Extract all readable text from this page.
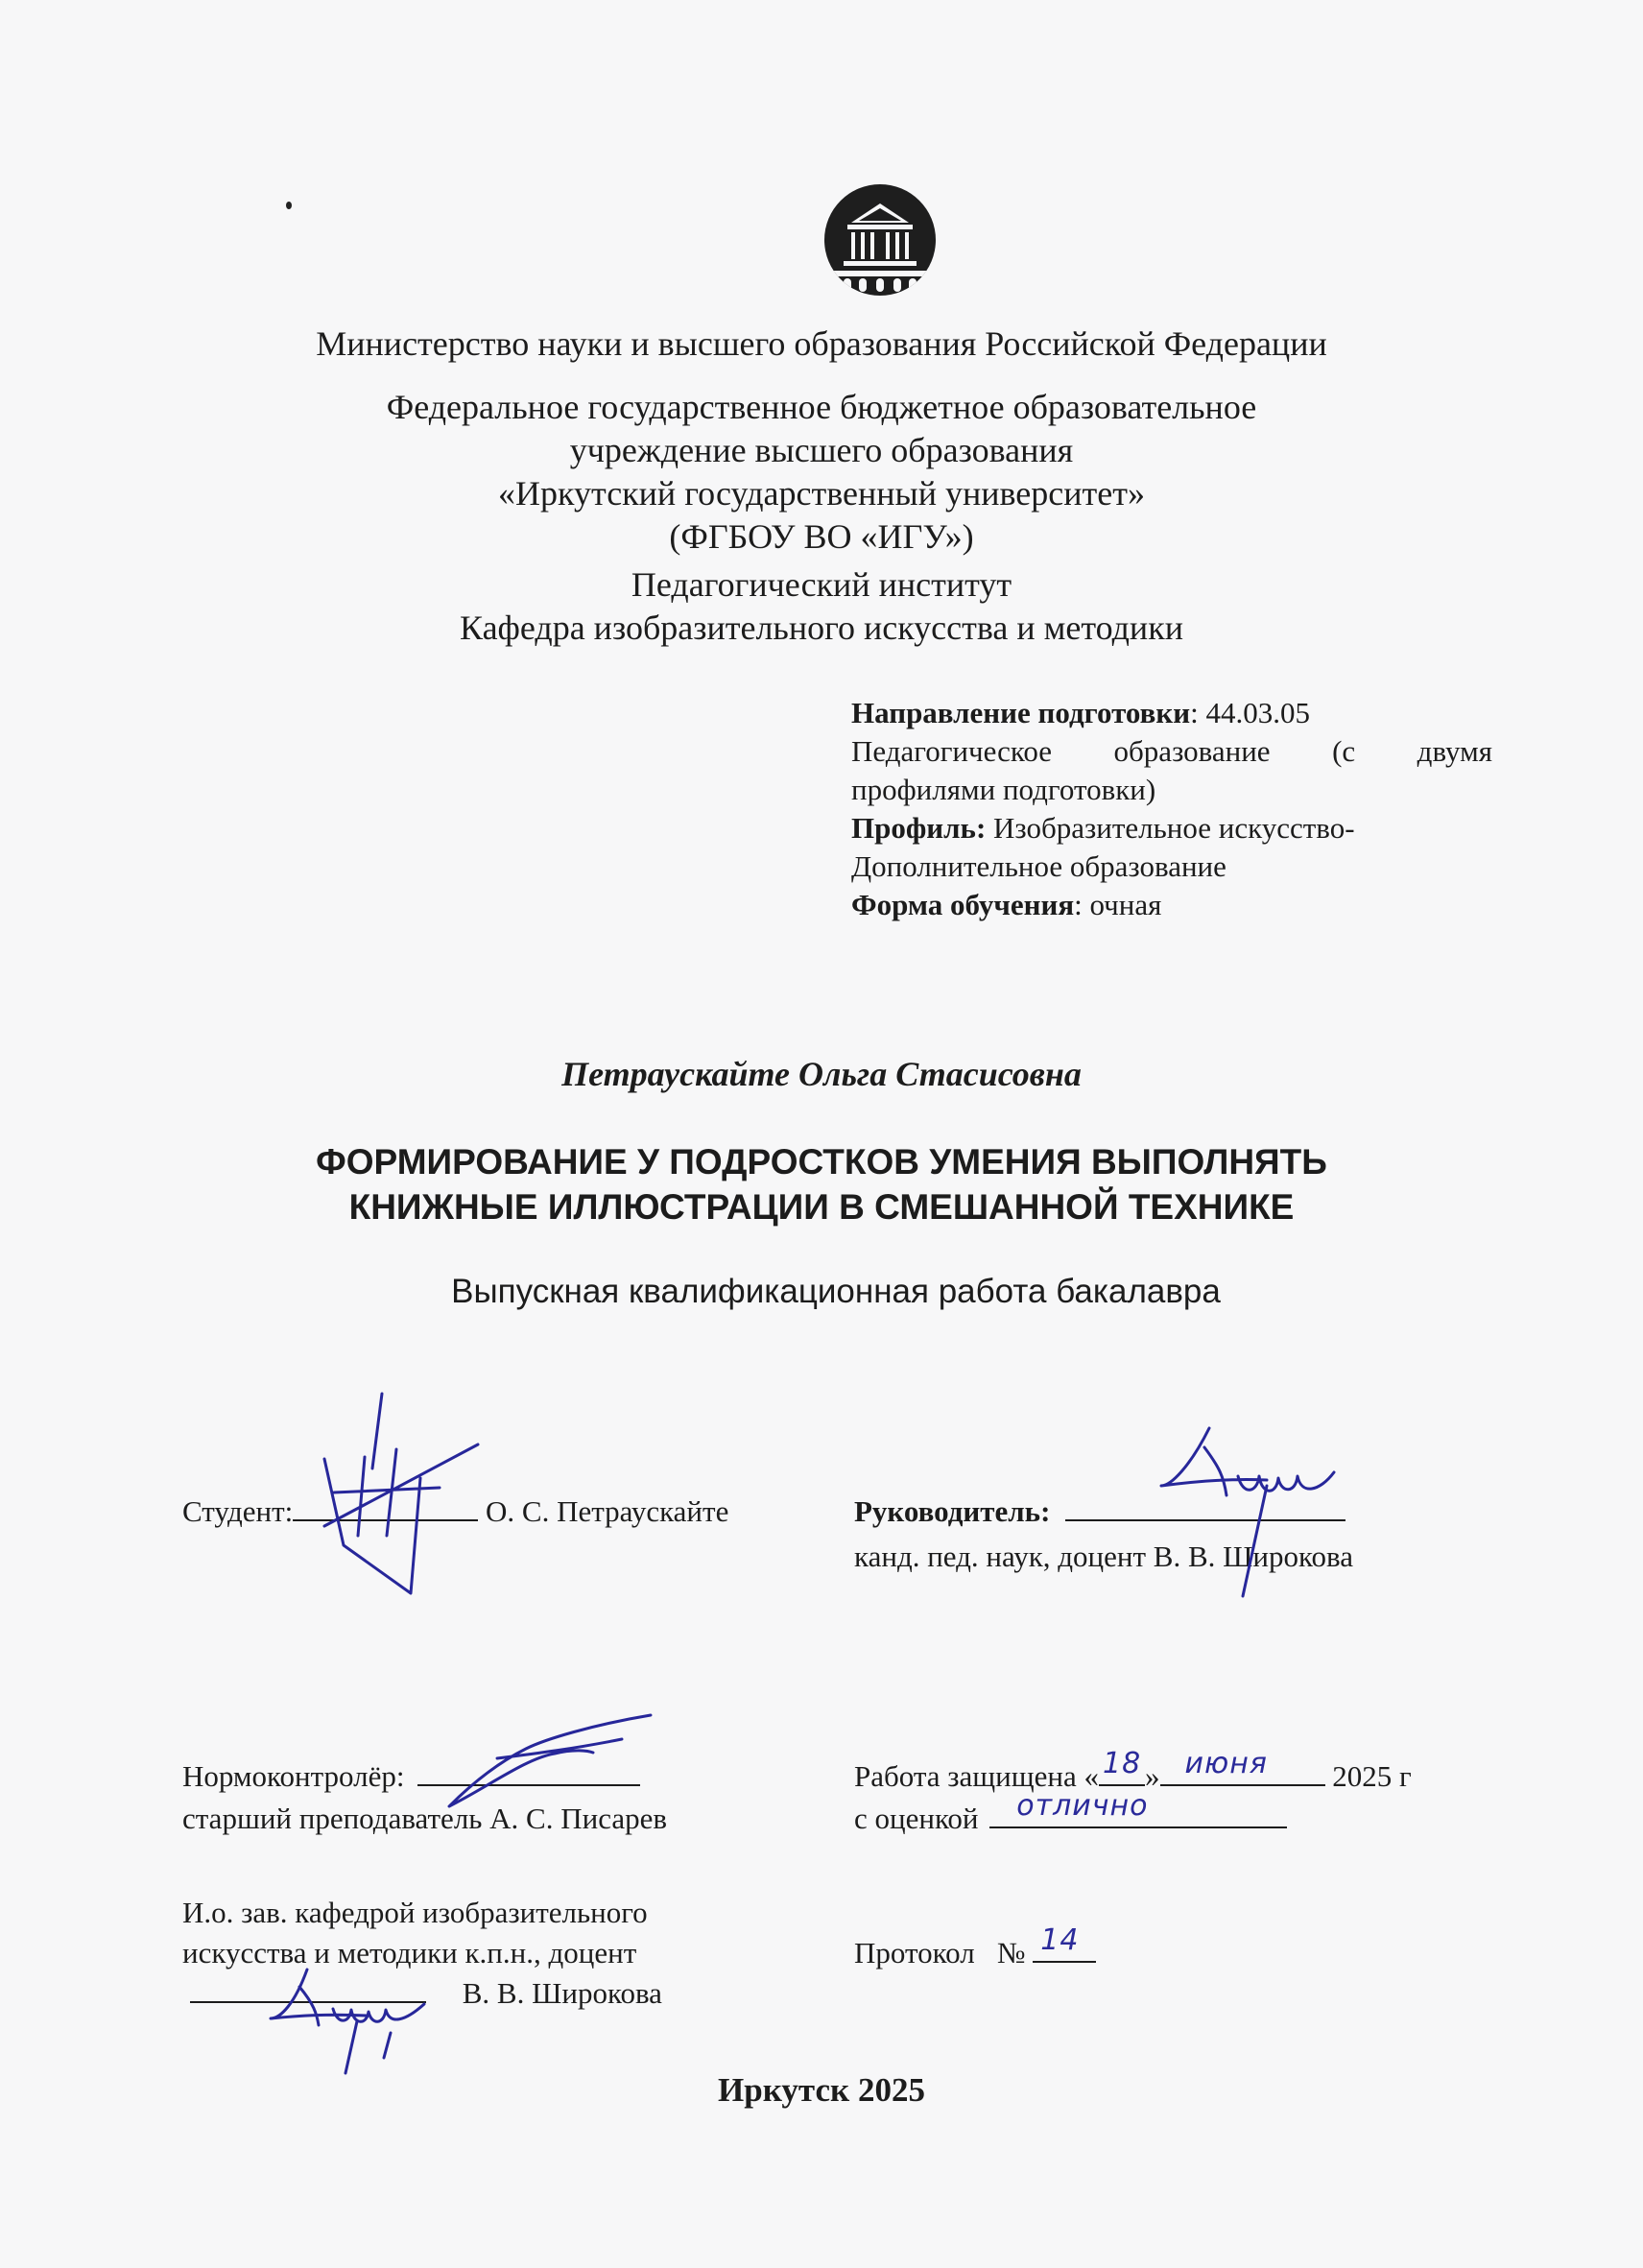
Министерство науки и высшего образования Российской Федерации
Федеральное государственное бюджетное образовательное
учреждение высшего образования
«Иркутский государственный университет»
(ФГБОУ ВО «ИГУ»)
Педагогический институт
Кафедра изобразительного искусства и методики
Направление подготовки: 44.03.05
Педагогическое образование (с двумя
профилями подготовки)
Профиль: Изобразительное искусство-
Дополнительное образование
Форма обучения: очная
Петраускайте Ольга Стасисовна
ФОРМИРОВАНИЕ У ПОДРОСТКОВ УМЕНИЯ ВЫПОЛНЯТЬ
КНИЖНЫЕ ИЛЛЮСТРАЦИИ В СМЕШАННОЙ ТЕХНИКЕ
Выпускная квалификационная работа бакалавра
Студент:	О. С. Петраускайте	Руководитель:
канд. пед. наук, доцент В. В. Широкова
Нормоконтролёр:
старший преподаватель А. С. Писарев
Работа защищена « 18 » июня 2025 г
с оценкой отлично
И.о. зав. кафедрой изобразительного
искусства и методики к.п.н., доцент
В. В. Широкова
Протокол № 14
Иркутск 2025
